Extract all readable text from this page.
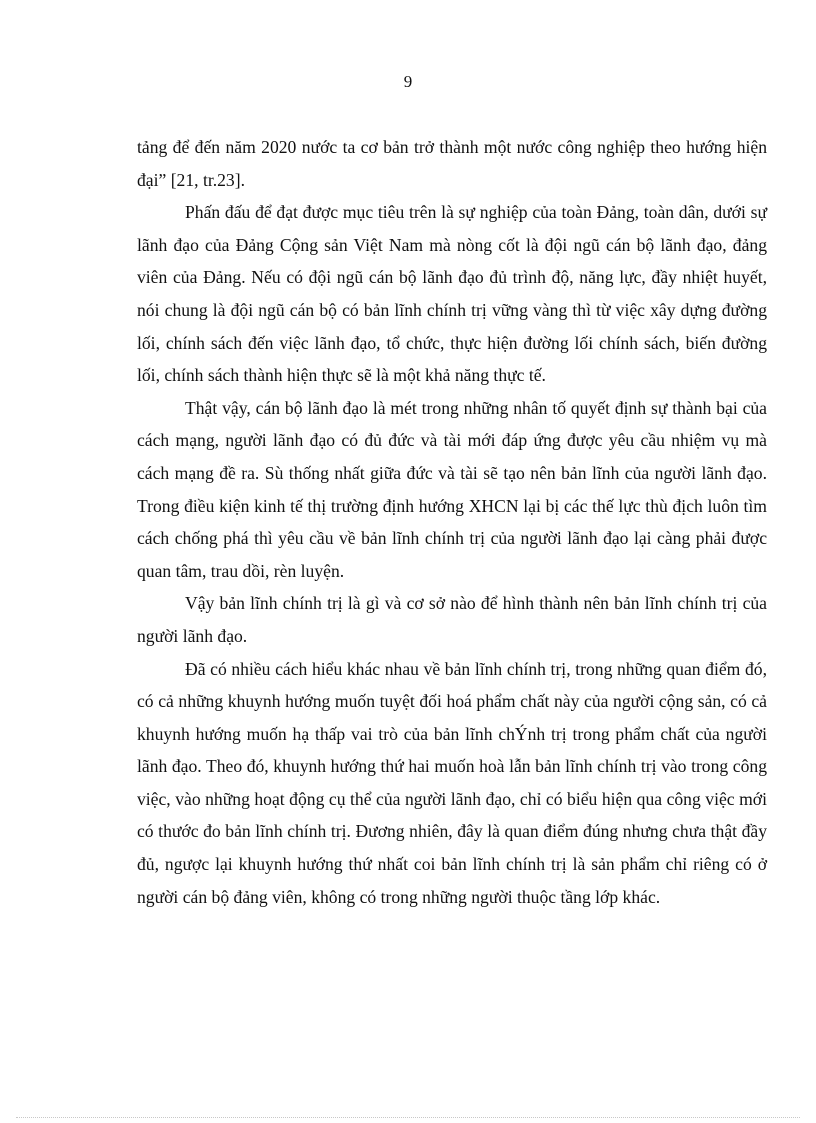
9

tảng để đến năm 2020 nước ta cơ bản trở thành một nước công nghiệp theo hướng hiện đại” [21, tr.23].

Phấn đấu để đạt được mục tiêu trên là sự nghiệp của toàn Đảng, toàn dân, dưới sự lãnh đạo của Đảng Cộng sản Việt Nam mà nòng cốt là đội ngũ cán bộ lãnh đạo, đảng viên của Đảng. Nếu có đội ngũ cán bộ lãnh đạo đủ trình độ, năng lực, đầy nhiệt huyết, nói chung là đội ngũ cán bộ có bản lĩnh chính trị vững vàng thì từ việc xây dựng đường lối, chính sách đến việc lãnh đạo, tổ chức, thực hiện đường lối chính sách, biến đường lối, chính sách thành hiện thực sẽ là một khả năng thực tế.

Thật vậy, cán bộ lãnh đạo là mét trong những nhân tố quyết định sự thành bại của cách mạng, người lãnh đạo có đủ đức và tài mới đáp ứng được yêu cầu nhiệm vụ mà cách mạng đề ra. Sù thống nhất giữa đức và tài sẽ tạo nên bản lĩnh của người lãnh đạo. Trong điều kiện kinh tế thị trường định hướng XHCN lại bị các thế lực thù địch luôn tìm cách chống phá thì yêu cầu về bản lĩnh chính trị của người lãnh đạo lại càng phải được quan tâm, trau dồi, rèn luyện.

Vậy bản lĩnh chính trị là gì và cơ sở nào để hình thành nên bản lĩnh chính trị của người lãnh đạo.

Đã có nhiều cách hiểu khác nhau về bản lĩnh chính trị, trong những quan điểm đó, có cả những khuynh hướng muốn tuyệt đối hoá phẩm chất này của người cộng sản, có cả khuynh hướng muốn hạ thấp vai trò của bản lĩnh chÝnh trị trong phẩm chất của người lãnh đạo. Theo đó, khuynh hướng thứ hai muốn hoà lẫn bản lĩnh chính trị vào trong công việc, vào những hoạt động cụ thể của người lãnh đạo, chỉ có biểu hiện qua công việc mới có thước đo bản lĩnh chính trị. Đương nhiên, đây là quan điểm đúng nhưng chưa thật đầy đủ, ngược lại khuynh hướng thứ nhất coi bản lĩnh chính trị là sản phẩm chỉ riêng có ở người cán bộ đảng viên, không có trong những người thuộc tầng lớp khác.
